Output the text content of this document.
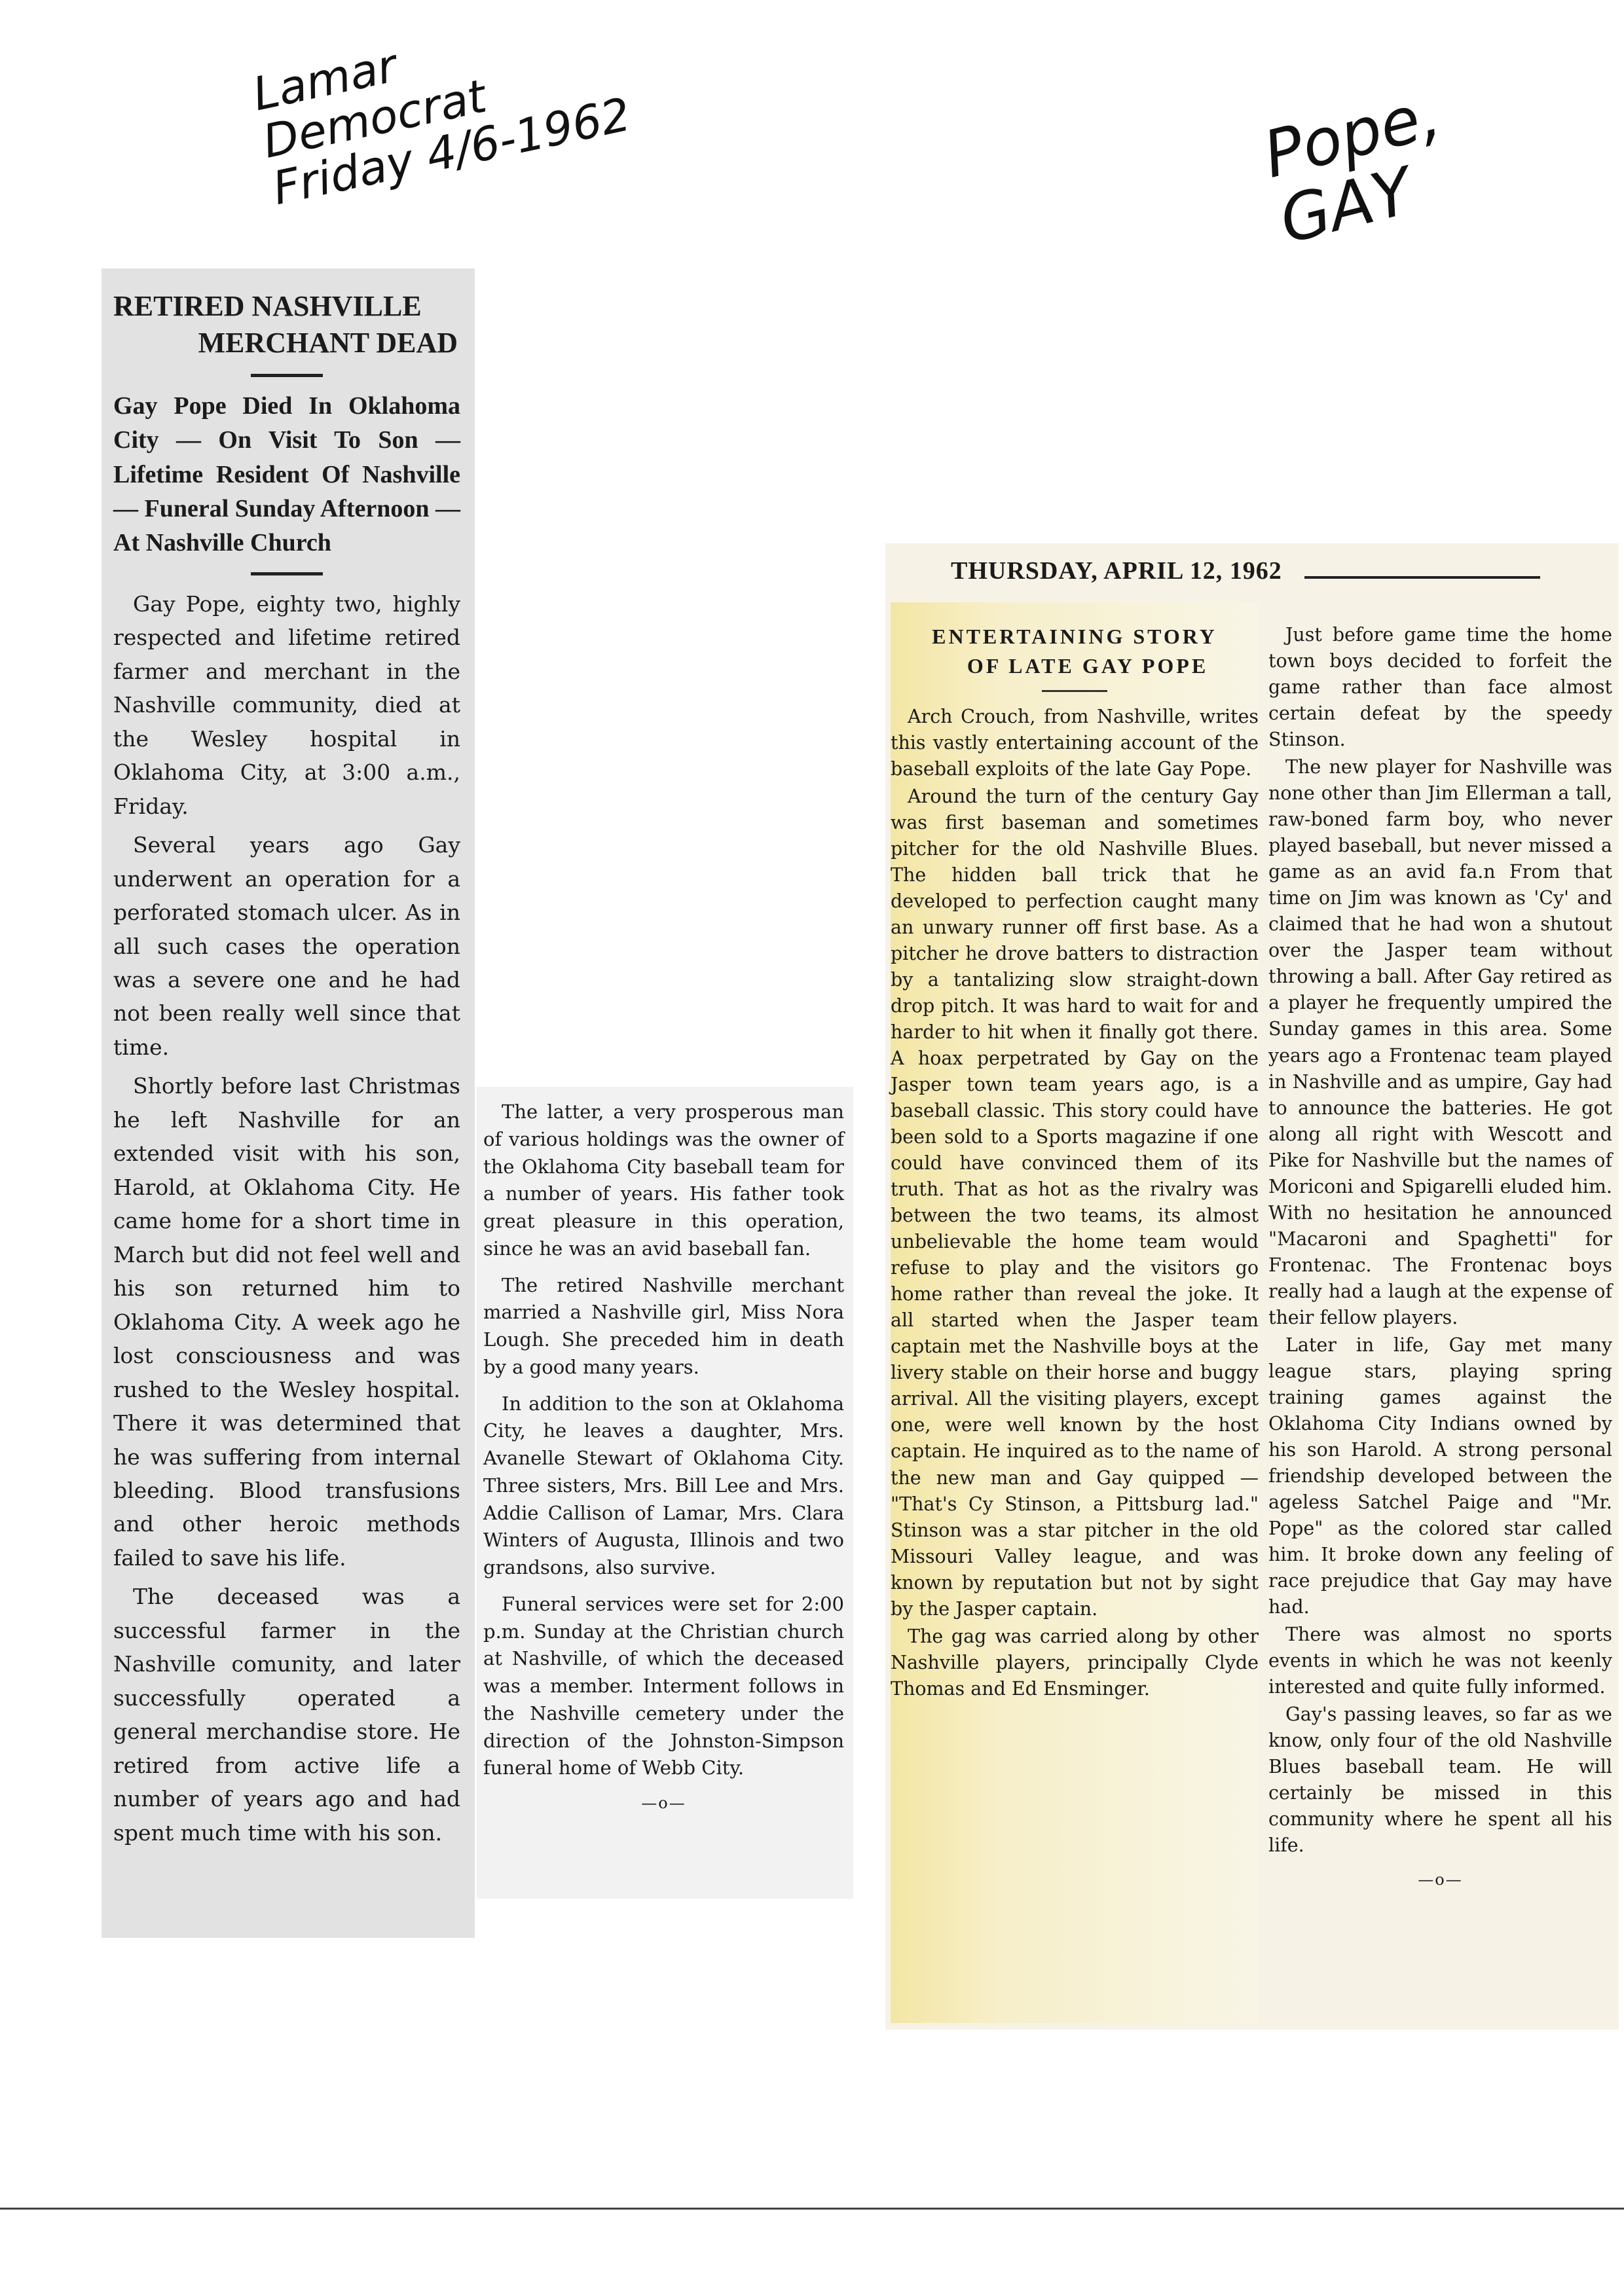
Lamar
Democrat
Friday 4/6-1962	Pope,
GAY
RETIRED NASHVILLE
MERCHANT DEAD

Gay Pope Died In Oklahoma City — On Visit To Son — Lifetime Resident Of Nashville — Funeral Sunday Afternoon — At Nashville Church

Gay Pope, eighty two, highly respected and lifetime retired farmer and merchant in the Nashville community, died at the Wesley hospital in Oklahoma City, at 3:00 a.m., Friday.

Several years ago Gay underwent an operation for a perforated stomach ulcer. As in all such cases the operation was a severe one and he had not been really well since that time.

Shortly before last Christmas he left Nashville for an extended visit with his son, Harold, at Oklahoma City. He came home for a short time in March but did not feel well and his son returned him to Oklahoma City. A week ago he lost consciousness and was rushed to the Wesley hospital. There it was determined that he was suffering from internal bleeding. Blood transfusions and other heroic methods failed to save his life.

The deceased was a successful farmer in the Nashville comunity, and later successfully operated a general merchandise store. He retired from active life a number of years ago and had spent much time with his son.

The latter, a very prosperous man of various holdings was the owner of the Oklahoma City baseball team for a number of years. His father took great pleasure in this operation, since he was an avid baseball fan.

The retired Nashville merchant married a Nashville girl, Miss Nora Lough. She preceded him in death by a good many years.

In addition to the son at Oklahoma City, he leaves a daughter, Mrs. Avanelle Stewart of Oklahoma City. Three sisters, Mrs. Bill Lee and Mrs. Addie Callison of Lamar, Mrs. Clara Winters of Augusta, Illinois and two grandsons, also survive.

Funeral services were set for 2:00 p.m. Sunday at the Christian church at Nashville, of which the deceased was a member. Interment follows in the Nashville cemetery under the direction of the Johnston-Simpson funeral home of Webb City.

—o—

THURSDAY, APRIL 12, 1962

ENTERTAINING STORY
OF LATE GAY POPE

Arch Crouch, from Nashville, writes this vastly entertaining account of the baseball exploits of the late Gay Pope.

Around the turn of the century Gay was first baseman and sometimes pitcher for the old Nashville Blues. The hidden ball trick that he developed to perfection caught many an unwary runner off first base. As a pitcher he drove batters to distraction by a tantalizing slow straight-down drop pitch. It was hard to wait for and harder to hit when it finally got there. A hoax perpetrated by Gay on the Jasper town team years ago, is a baseball classic. This story could have been sold to a Sports magazine if one could have convinced them of its truth. That as hot as the rivalry was between the two teams, its almost unbelievable the home team would refuse to play and the visitors go home rather than reveal the joke. It all started when the Jasper team captain met the Nashville boys at the livery stable on their horse and buggy arrival. All the visiting players, except one, were well known by the host captain. He inquired as to the name of the new man and Gay quipped — "That's Cy Stinson, a Pittsburg lad." Stinson was a star pitcher in the old Missouri Valley league, and was known by reputation but not by sight by the Jasper captain.

The gag was carried along by other Nashville players, principally Clyde Thomas and Ed Ensminger.

Just before game time the home town boys decided to forfeit the game rather than face almost certain defeat by the speedy Stinson.

The new player for Nashville was none other than Jim Ellerman a tall, raw-boned farm boy, who never played baseball, but never missed a game as an avid fa.n From that time on Jim was known as 'Cy' and claimed that he had won a shutout over the Jasper team without throwing a ball. After Gay retired as a player he frequently umpired the Sunday games in this area. Some years ago a Frontenac team played in Nashville and as umpire, Gay had to announce the batteries. He got along all right with Wescott and Pike for Nashville but the names of Moriconi and Spigarelli eluded him. With no hesitation he announced "Macaroni and Spaghetti" for Frontenac. The Frontenac boys really had a laugh at the expense of their fellow players.

Later in life, Gay met many league stars, playing spring training games against the Oklahoma City Indians owned by his son Harold. A strong personal friendship developed between the ageless Satchel Paige and "Mr. Pope" as the colored star called him. It broke down any feeling of race prejudice that Gay may have had.

There was almost no sports events in which he was not keenly interested and quite fully informed.

Gay's passing leaves, so far as we know, only four of the old Nashville Blues baseball team. He will certainly be missed in this community where he spent all his life.

—o—
